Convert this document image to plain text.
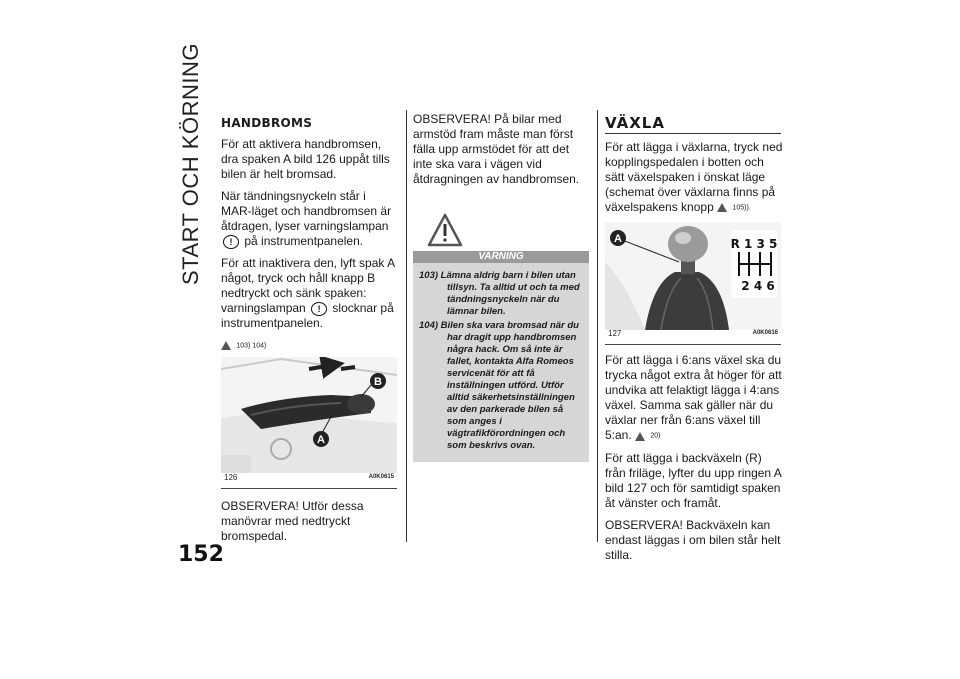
START OCH KÖRNING
152
HANDBROMS

För att aktivera handbromsen, dra spaken A bild 126 uppåt tills bilen är helt bromsad.

När tändningsnyckeln står i MAR-läget och handbromsen är åtdragen, lyser varningslampan ! på instrumentpanelen.

För att inaktivera den, lyft spak A något, tryck och håll knapp B nedtryckt och sänk spaken: varningslampan ! slocknar på instrumentpanelen.

103) 104)

A
B
126	A0K0615

OBSERVERA! Utför dessa manövrar med nedtryckt bromspedal.

OBSERVERA! På bilar med armstöd fram måste man först fälla upp armstödet för att det inte ska vara i vägen vid åtdragningen av handbromsen.

VARNING
103) Lämna aldrig barn i bilen utan tillsyn. Ta alltid ut och ta med tändningsnyckeln när du lämnar bilen.
104) Bilen ska vara bromsad när du har dragit upp handbromsen några hack. Om så inte är fallet, kontakta Alfa Romeos servicenät för att få inställningen utförd. Utför alltid säkerhetsinställningen av den parkerade bilen så som anges i vägtrafikförordningen och som beskrivs ovan.
VÄXLA

För att lägga i växlarna, tryck ned kopplingspedalen i botten och sätt växelspaken i önskat läge (schemat över växlarna finns på växelspakens knopp	105)).

A	R 1 3 5
2 4 6
127	A0K0616

För att lägga i 6:ans växel ska du trycka något extra åt höger för att undvika att felaktigt lägga i 4:ans växel. Samma sak gäller när du växlar ner från 6:ans växel till 5:an.	20)

För att lägga i backväxeln (R) från friläge, lyfter du upp ringen A bild 127 och för samtidigt spaken åt vänster och framåt.

OBSERVERA! Backväxeln kan endast läggas i om bilen står helt stilla.
